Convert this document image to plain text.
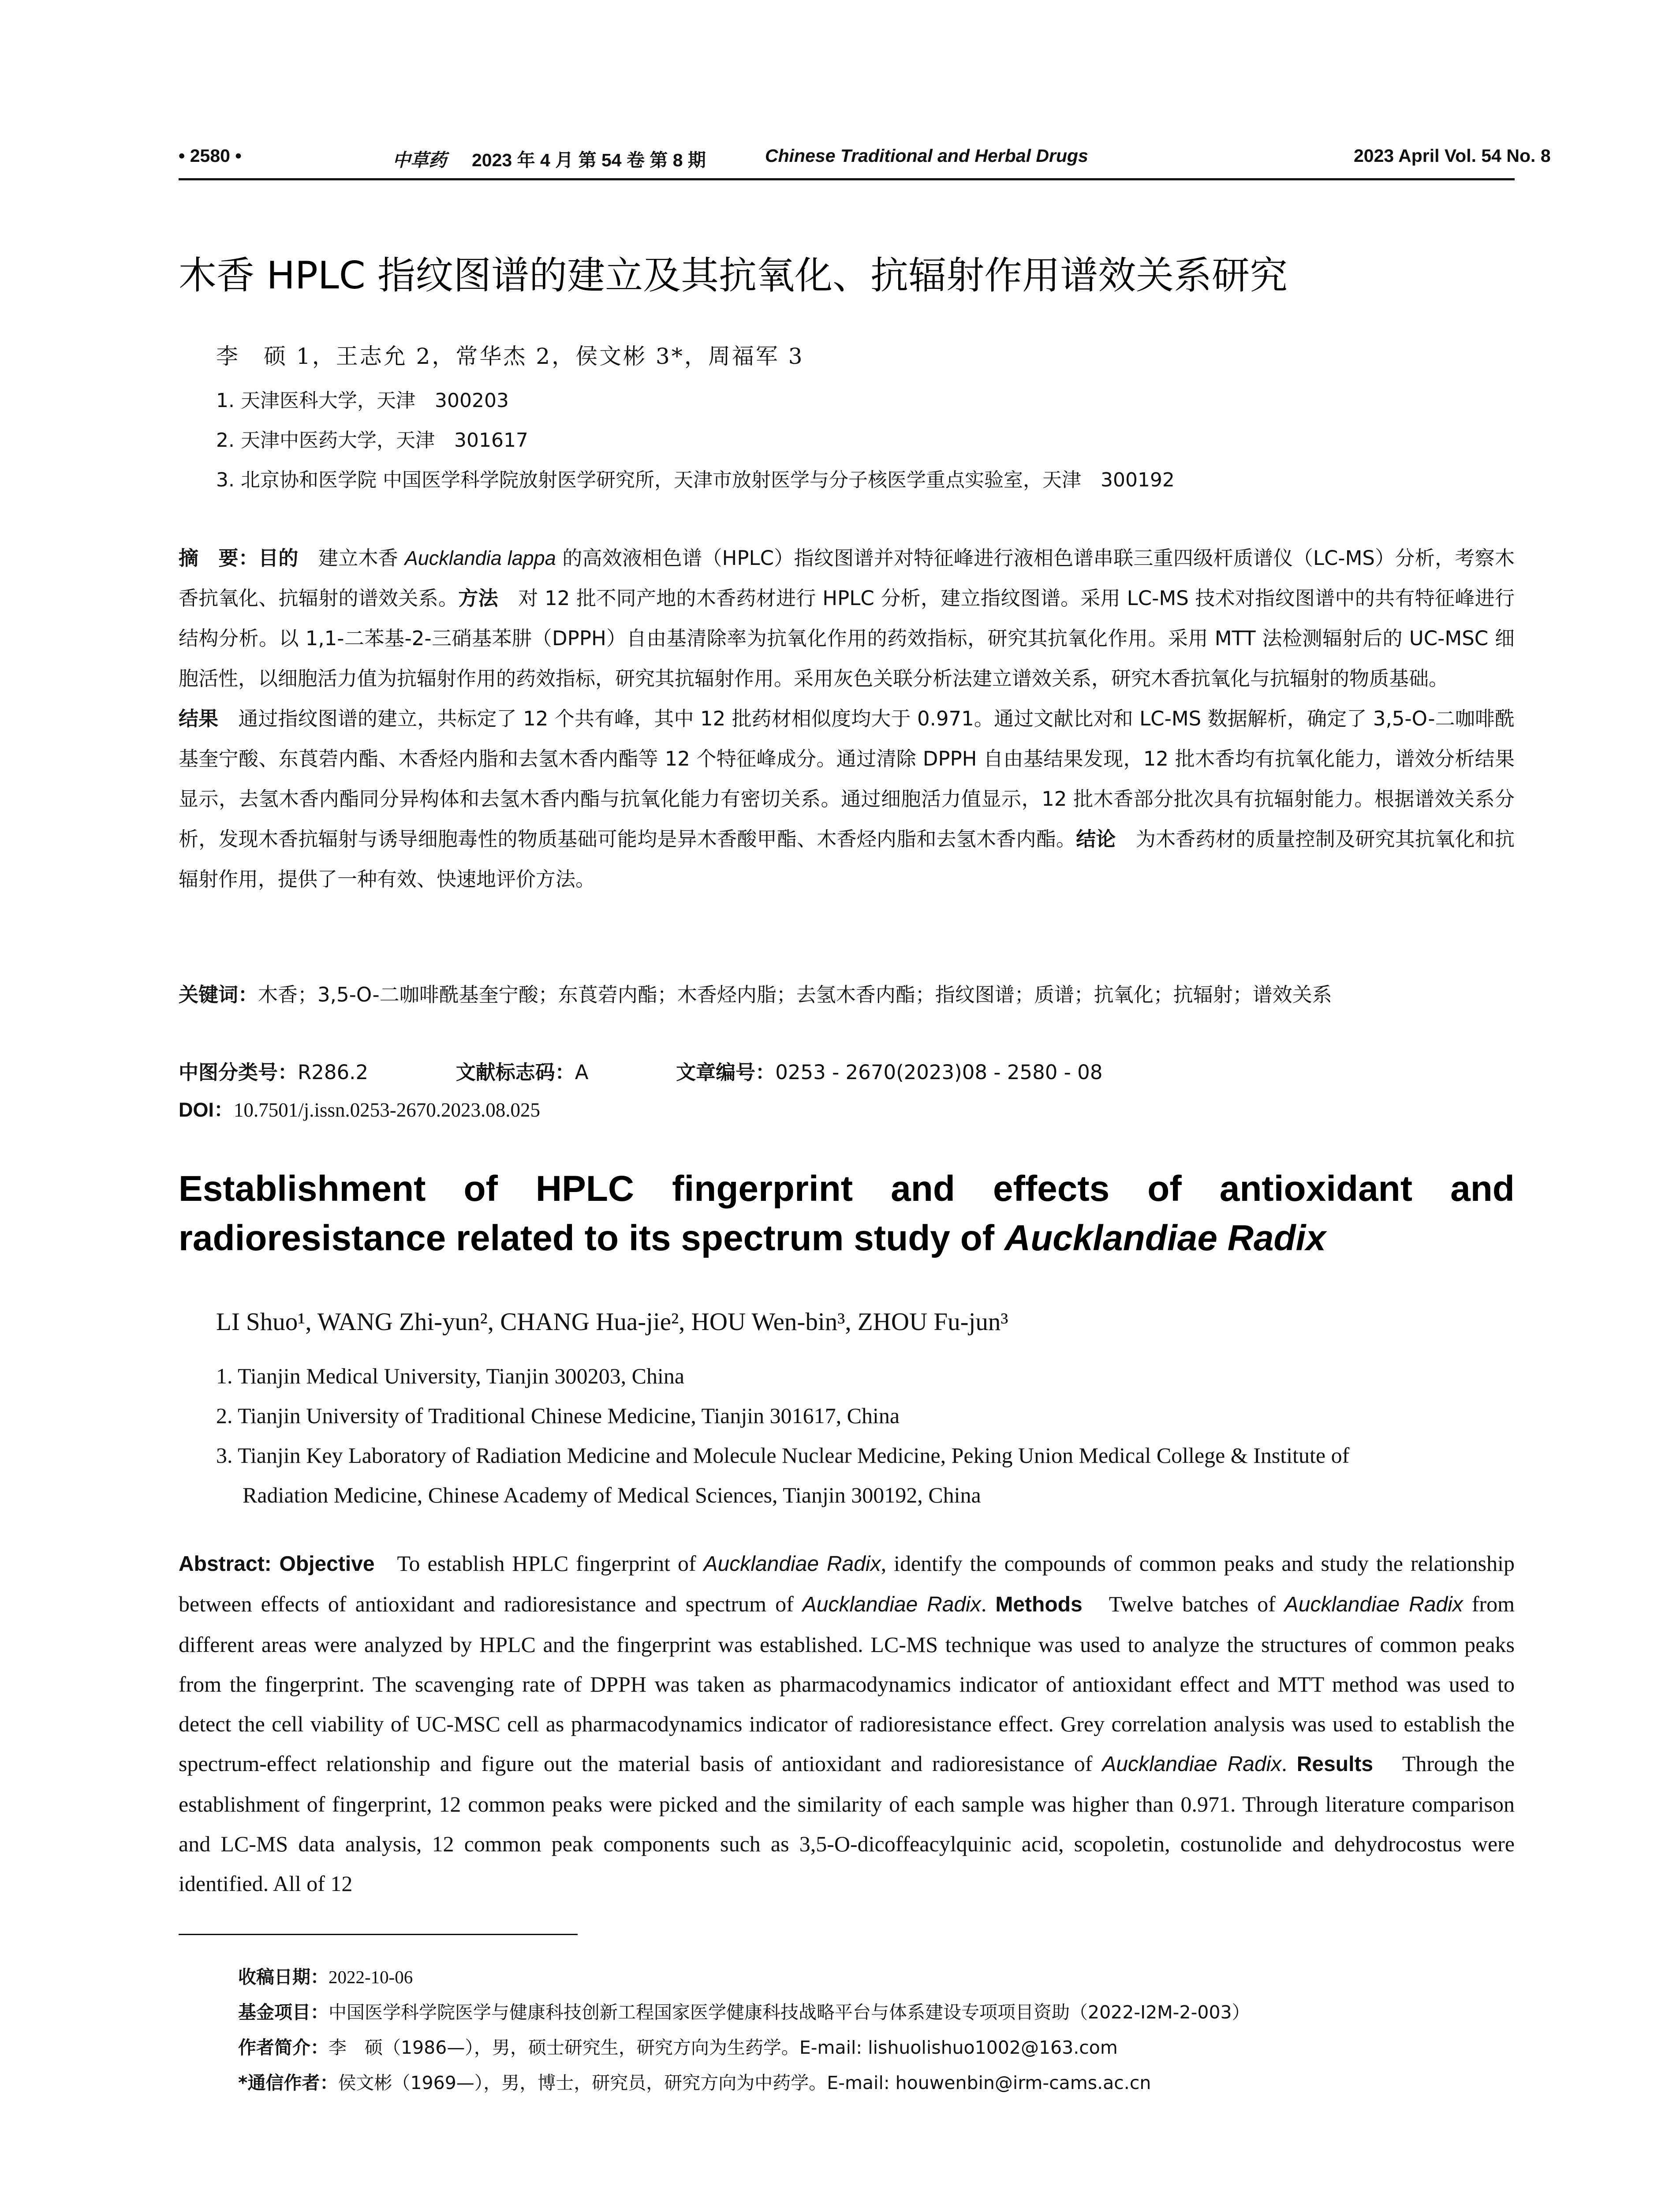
• 2580 •	中草药 2023 年 4 月 第 54 卷 第 8 期	Chinese Traditional and Herbal Drugs	2023 April Vol. 54 No. 8
木香 HPLC 指纹图谱的建立及其抗氧化、抗辐射作用谱效关系研究
李　硕 1，王志允 2，常华杰 2，侯文彬 3*，周福军 3
1. 天津医科大学，天津　300203
2. 天津中医药大学，天津　301617
3. 北京协和医学院 中国医学科学院放射医学研究所，天津市放射医学与分子核医学重点实验室，天津　300192
摘　要：目的　 建立木香 Aucklandia lappa 的高效液相色谱（HPLC）指纹图谱并对特征峰进行液相色谱串联三重四级杆质谱仪（LC-MS）分析，考察木香抗氧化、抗辐射的谱效关系。方法　 对 12 批不同产地的木香药材进行 HPLC 分析，建立指纹图谱。采用 LC-MS 技术对指纹图谱中的共有特征峰进行结构分析。以 1,1-二苯基-2-三硝基苯肼（DPPH）自由基清除率为抗氧化作用的药效指标，研究其抗氧化作用。采用 MTT 法检测辐射后的 UC-MSC 细胞活性，以细胞活力值为抗辐射作用的药效指标，研究其抗辐射作用。采用灰色关联分析法建立谱效关系，研究木香抗氧化与抗辐射的物质基础。
结果　 通过指纹图谱的建立，共标定了 12 个共有峰，其中 12 批药材相似度均大于 0.971。通过文献比对和 LC-MS 数据解析，确定了 3,5-O-二咖啡酰基奎宁酸、东莨菪内酯、木香烃内脂和去氢木香内酯等 12 个特征峰成分。通过清除 DPPH 自由基结果发现，12 批木香均有抗氧化能力，谱效分析结果显示，去氢木香内酯同分异构体和去氢木香内酯与抗氧化能力有密切关系。通过细胞活力值显示，12 批木香部分批次具有抗辐射能力。根据谱效关系分析，发现木香抗辐射与诱导细胞毒性的物质基础可能均是异木香酸甲酯、木香烃内脂和去氢木香内酯。结论　 为木香药材的质量控制及研究其抗氧化和抗辐射作用，提供了一种有效、快速地评价方法。
关键词：木香；3,5-O-二咖啡酰基奎宁酸；东莨菪内酯；木香烃内脂；去氢木香内酯；指纹图谱；质谱；抗氧化；抗辐射；谱效关系
中图分类号：R286.2	文献标志码：A	文章编号：0253 - 2670(2023)08 - 2580 - 08
DOI：10.7501/j.issn.0253-2670.2023.08.025
Establishment of HPLC fingerprint and effects of antioxidant and
radioresistance related to its spectrum study of Aucklandiae Radix
LI Shuo¹, WANG Zhi-yun², CHANG Hua-jie², HOU Wen-bin³, ZHOU Fu-jun³
1. Tianjin Medical University, Tianjin 300203, China
2. Tianjin University of Traditional Chinese Medicine, Tianjin 301617, China
3. Tianjin Key Laboratory of Radiation Medicine and Molecule Nuclear Medicine, Peking Union Medical College & Institute of
Radiation Medicine, Chinese Academy of Medical Sciences, Tianjin 300192, China
Abstract: Objective To establish HPLC fingerprint of Aucklandiae Radix, identify the compounds of common peaks and study the relationship between effects of antioxidant and radioresistance and spectrum of Aucklandiae Radix. Methods Twelve batches of Aucklandiae Radix from different areas were analyzed by HPLC and the fingerprint was established. LC-MS technique was used to analyze the structures of common peaks from the fingerprint. The scavenging rate of DPPH was taken as pharmacodynamics indicator of antioxidant effect and MTT method was used to detect the cell viability of UC-MSC cell as pharmacodynamics indicator of radioresistance effect. Grey correlation analysis was used to establish the spectrum-effect relationship and figure out the material basis of antioxidant and radioresistance of Aucklandiae Radix. Results Through the establishment of fingerprint, 12 common peaks were picked and the similarity of each sample was higher than 0.971. Through literature comparison and LC-MS data analysis, 12 common peak components such as 3,5-O-dicoffeacylquinic acid, scopoletin, costunolide and dehydrocostus were identified. All of 12
收稿日期：2022-10-06
基金项目：中国医学科学院医学与健康科技创新工程国家医学健康科技战略平台与体系建设专项项目资助（2022-I2M-2-003）
作者简介：李　硕（1986—），男，硕士研究生，研究方向为生药学。E-mail: lishuolishuo1002@163.com
*通信作者：侯文彬（1969—），男，博士，研究员，研究方向为中药学。E-mail: houwenbin@irm-cams.ac.cn
